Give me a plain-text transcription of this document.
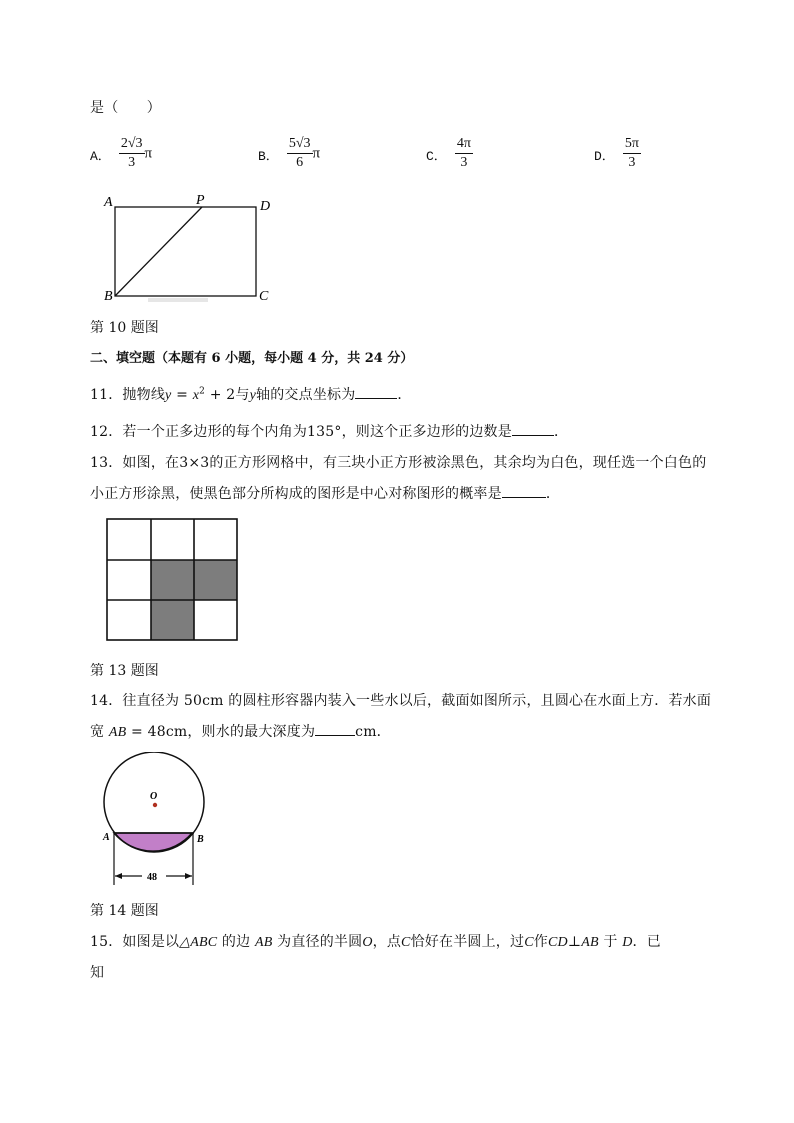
是（　　）
A． $\frac{2√3}{3}$ π	B． $\frac{5√3}{6}$ π	C． $\frac{4\pi}{3}$	D． $\frac{5\pi}{3}$
A	P	D
B	C
第 10 题图
二、填空题（本题有 6 小题，每小题 4 分，共 24 分）
11．抛物线$y = x^2 + 2$与y轴的交点坐标为	．
12．若一个正多边形的每个内角为135°，则这个正多边形的边数是	．
13．如图，在3×3的正方形网格中，有三块小正方形被涂黑色，其余均为白色，现任选一个白色的
小正方形涂黑，使黑色部分所构成的图形是中心对称图形的概率是	．
第 13 题图
14．往直径为 50cm 的圆柱形容器内装入一些水以后，截面如图所示，且圆心在水面上方．若水面
宽 AB = 48cm，则水的最大深度为	cm．
O
A	B
48
第 14 题图
15．如图是以△ABC 的边 AB 为直径的半圆O，点C恰好在半圆上，过C作CD⊥AB 于 D．已
知
